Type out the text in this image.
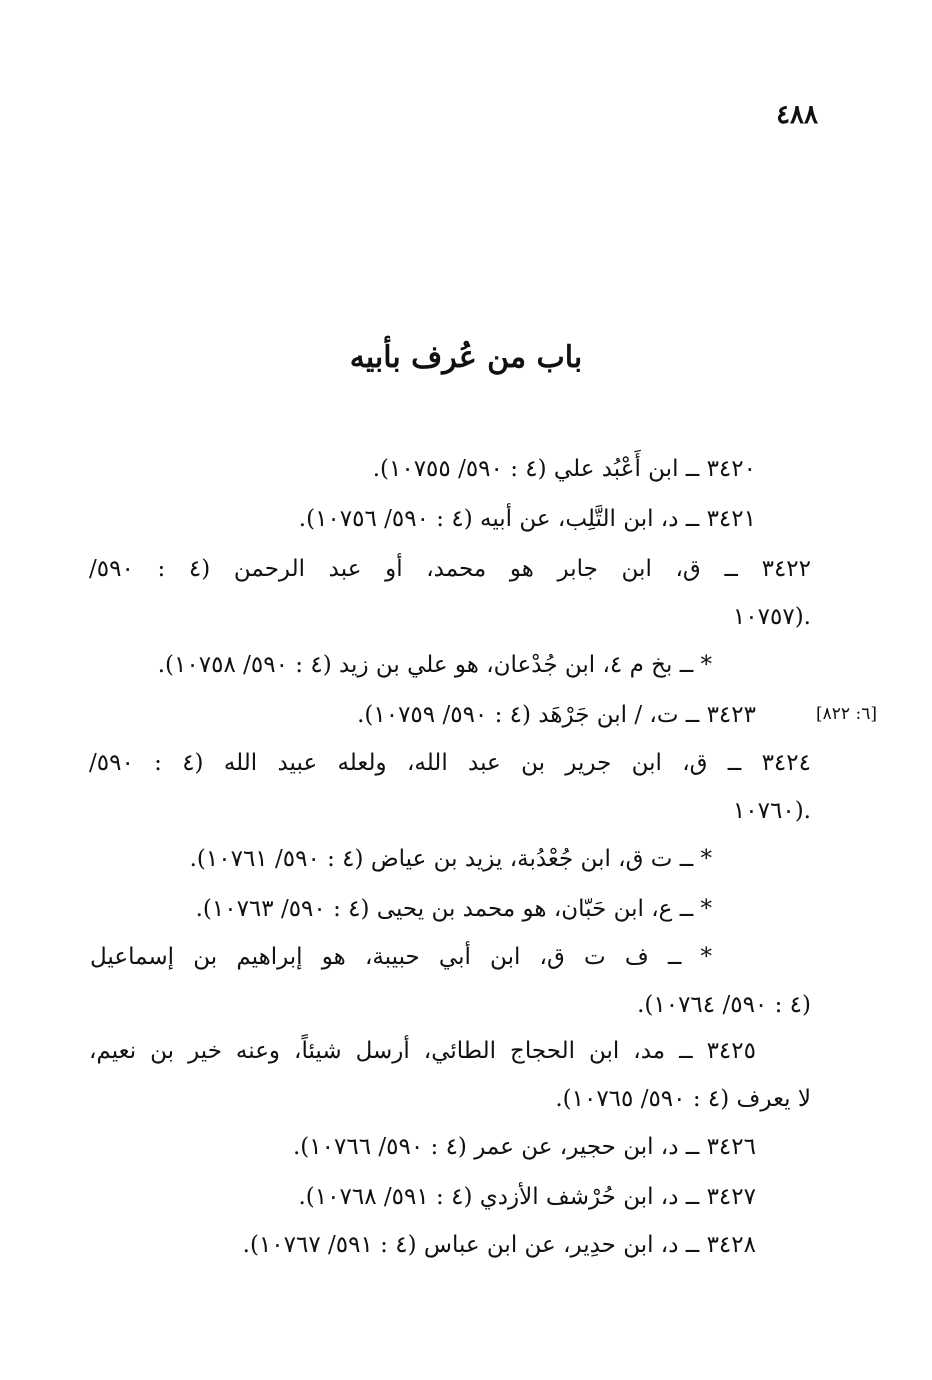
٤٨٨
باب من عُرف بأبيه
٣٤٢٠ ــ ابن أَعْبُد علي (٤ : ٥٩٠/ ١٠٧٥٥).
٣٤٢١ ــ د، ابن التَّلِب، عن أبيه (٤ : ٥٩٠/ ١٠٧٥٦).
٣٤٢٢ ــ ق، ابن جابر هو محمد، أو عبد الرحمن (٤ : ٥٩٠/
.(١٠٧٥٧
* ــ بخ م ٤، ابن جُدْعان، هو علي بن زيد (٤ : ٥٩٠/ ١٠٧٥٨).
[٦: ٨٢٢]
٣٤٢٣ ــ ت، / ابن جَرْهَد (٤ : ٥٩٠/ ١٠٧٥٩).
٣٤٢٤ ــ ق، ابن جرير بن عبد الله، ولعله عبيد الله (٤ : ٥٩٠/
.(١٠٧٦٠
* ــ ت ق، ابن جُعْدُبة، يزيد بن عياض (٤ : ٥٩٠/ ١٠٧٦١).
* ــ ع، ابن حَبّان، هو محمد بن يحيى (٤ : ٥٩٠/ ١٠٧٦٣).
* ــ ف ت ق، ابن أبي حبيبة، هو إبراهيم بن إسماعيل
(٤ : ٥٩٠/ ١٠٧٦٤).
٣٤٢٥ ــ مد، ابن الحجاج الطائي، أرسل شيئاً، وعنه خير بن نعيم،
لا يعرف (٤ : ٥٩٠/ ١٠٧٦٥).
٣٤٢٦ ــ د، ابن حجير، عن عمر (٤ : ٥٩٠/ ١٠٧٦٦).
٣٤٢٧ ــ د، ابن حُرْشف الأزدي (٤ : ٥٩١/ ١٠٧٦٨).
٣٤٢٨ ــ د، ابن حدِير، عن ابن عباس (٤ : ٥٩١/ ١٠٧٦٧).
